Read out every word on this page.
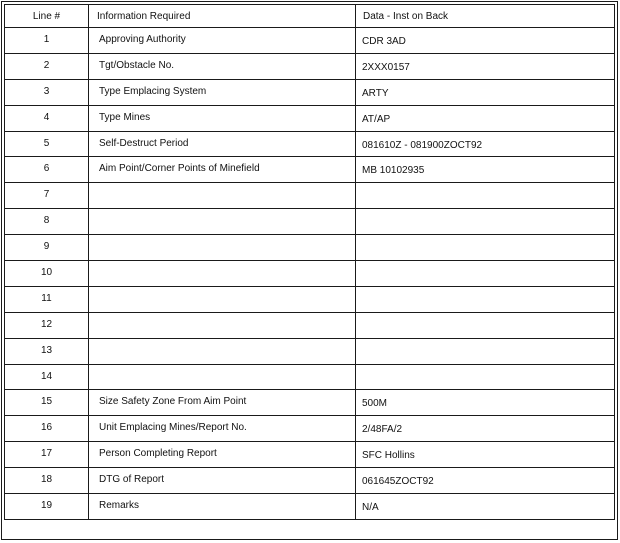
Line #	Information Required	Data - Inst on Back
1	Approving Authority	CDR 3AD
2	Tgt/Obstacle No.	2XXX0157
3	Type Emplacing System	ARTY
4	Type Mines	AT/AP
5	Self-Destruct Period	081610Z - 081900ZOCT92
6	Aim Point/Corner Points of Minefield	MB 10102935
7		
8		
9		
10		
11		
12		
13		
14		
15	Size Safety Zone From Aim Point	500M
16	Unit Emplacing Mines/Report No.	2/48FA/2
17	Person Completing Report	SFC Hollins
18	DTG of Report	061645ZOCT92
19	Remarks	N/A
